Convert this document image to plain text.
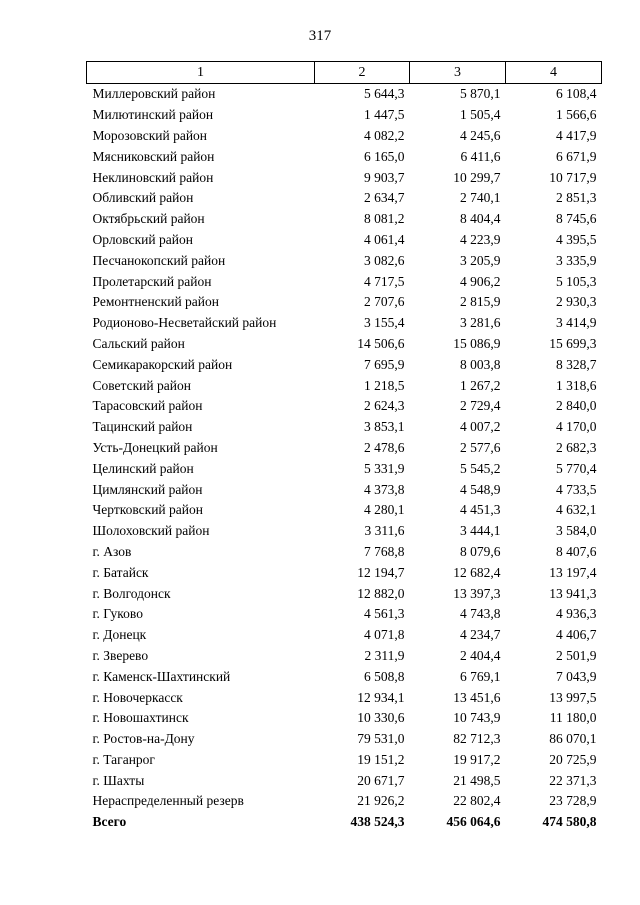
317
1	2	3	4
Миллеровский район	5 644,3	5 870,1	6 108,4
Милютинский район	1 447,5	1 505,4	1 566,6
Морозовский район	4 082,2	4 245,6	4 417,9
Мясниковский район	6 165,0	6 411,6	6 671,9
Неклиновский район	9 903,7	10 299,7	10 717,9
Обливский район	2 634,7	2 740,1	2 851,3
Октябрьский район	8 081,2	8 404,4	8 745,6
Орловский район	4 061,4	4 223,9	4 395,5
Песчанокопский район	3 082,6	3 205,9	3 335,9
Пролетарский район	4 717,5	4 906,2	5 105,3
Ремонтненский район	2 707,6	2 815,9	2 930,3
Родионово-Несветайский район	3 155,4	3 281,6	3 414,9
Сальский район	14 506,6	15 086,9	15 699,3
Семикаракорский район	7 695,9	8 003,8	8 328,7
Советский район	1 218,5	1 267,2	1 318,6
Тарасовский район	2 624,3	2 729,4	2 840,0
Тацинский район	3 853,1	4 007,2	4 170,0
Усть-Донецкий район	2 478,6	2 577,6	2 682,3
Целинский район	5 331,9	5 545,2	5 770,4
Цимлянский район	4 373,8	4 548,9	4 733,5
Чертковский район	4 280,1	4 451,3	4 632,1
Шолоховский район	3 311,6	3 444,1	3 584,0
г. Азов	7 768,8	8 079,6	8 407,6
г. Батайск	12 194,7	12 682,4	13 197,4
г. Волгодонск	12 882,0	13 397,3	13 941,3
г. Гуково	4 561,3	4 743,8	4 936,3
г. Донецк	4 071,8	4 234,7	4 406,7
г. Зверево	2 311,9	2 404,4	2 501,9
г. Каменск-Шахтинский	6 508,8	6 769,1	7 043,9
г. Новочеркасск	12 934,1	13 451,6	13 997,5
г. Новошахтинск	10 330,6	10 743,9	11 180,0
г. Ростов-на-Дону	79 531,0	82 712,3	86 070,1
г. Таганрог	19 151,2	19 917,2	20 725,9
г. Шахты	20 671,7	21 498,5	22 371,3
Нераспределенный резерв	21 926,2	22 802,4	23 728,9
Всего	438 524,3	456 064,6	474 580,8
